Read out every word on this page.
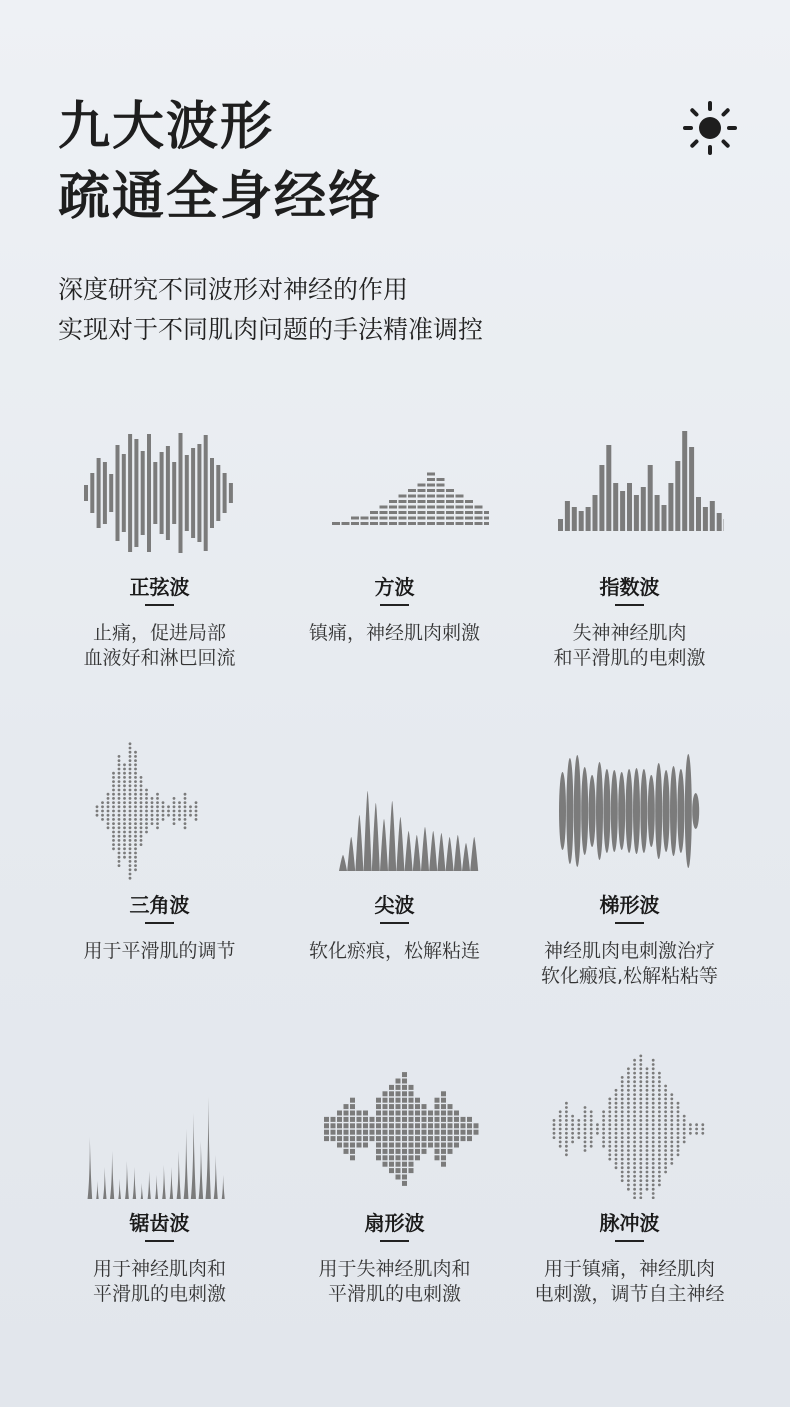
九大波形
疏通全身经络
深度研究不同波形对神经的作用
实现对于不同肌肉问题的手法精准调控
正弦波
止痛，促进局部
血液好和淋巴回流
方波
镇痛，神经肌肉刺激
指数波
失神神经肌肉
和平滑肌的电刺激
三角波
用于平滑肌的调节
尖波
软化瘀痕，松解粘连
梯形波
神经肌肉电刺激治疗
软化瘢痕,松解粘粘等
锯齿波
用于神经肌肉和
平滑肌的电刺激
扇形波
用于失神经肌肉和
平滑肌的电刺激
脉冲波
用于镇痛，神经肌肉
电刺激，调节自主神经
